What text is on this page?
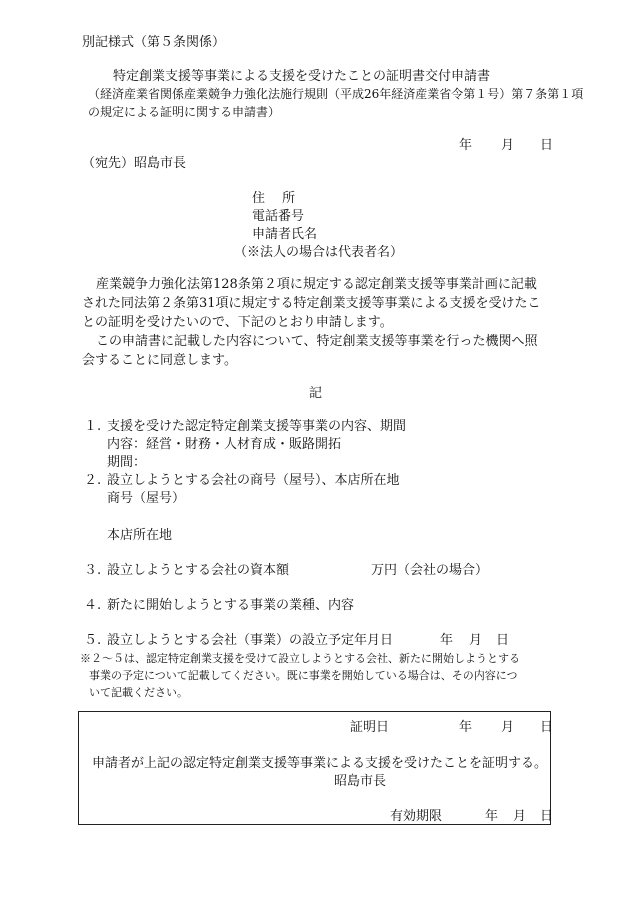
別記様式（第５条関係）

特定創業支援等事業による支援を受けたことの証明書交付申請書

（経済産業省関係産業競争力強化法施行規則（平成26年経済産業省令第１号）第７条第１項

の規定による証明に関する申請書）

年 月 日

（宛先）昭島市長

住　 所

電話番号

申請者氏名

（※法人の場合は代表者名）

産業競争力強化法第128条第２項に規定する認定創業支援等事業計画に記載

された同法第２条第31項に規定する特定創業支援等事業による支援を受けたこ

との証明を受けたいので、下記のとおり申請します。

この申請書に記載した内容について、特定創業支援等事業を行った機関へ照

会することに同意します。

記

１. 支援を受けた認定特定創業支援等事業の内容、期間

内容：経営・財務・人材育成・販路開拓

期間：

２. 設立しようとする会社の商号（屋号）、本店所在地

商号（屋号）

本店所在地

３. 設立しようとする会社の資本額	万円（会社の場合）

４. 新たに開始しようとする事業の業種、内容

５. 設立しようとする会社（事業）の設立予定年月日	年 月 日

※２～５は、認定特定創業支援を受けて設立しようとする会社、新たに開始しようとする

事業の予定について記載してください。既に事業を開始している場合は、その内容につ

いて記載ください。

証明日	年 月 日

申請者が上記の認定特定創業支援等事業による支援を受けたことを証明する。

昭島市長

有効期限	年 月 日
